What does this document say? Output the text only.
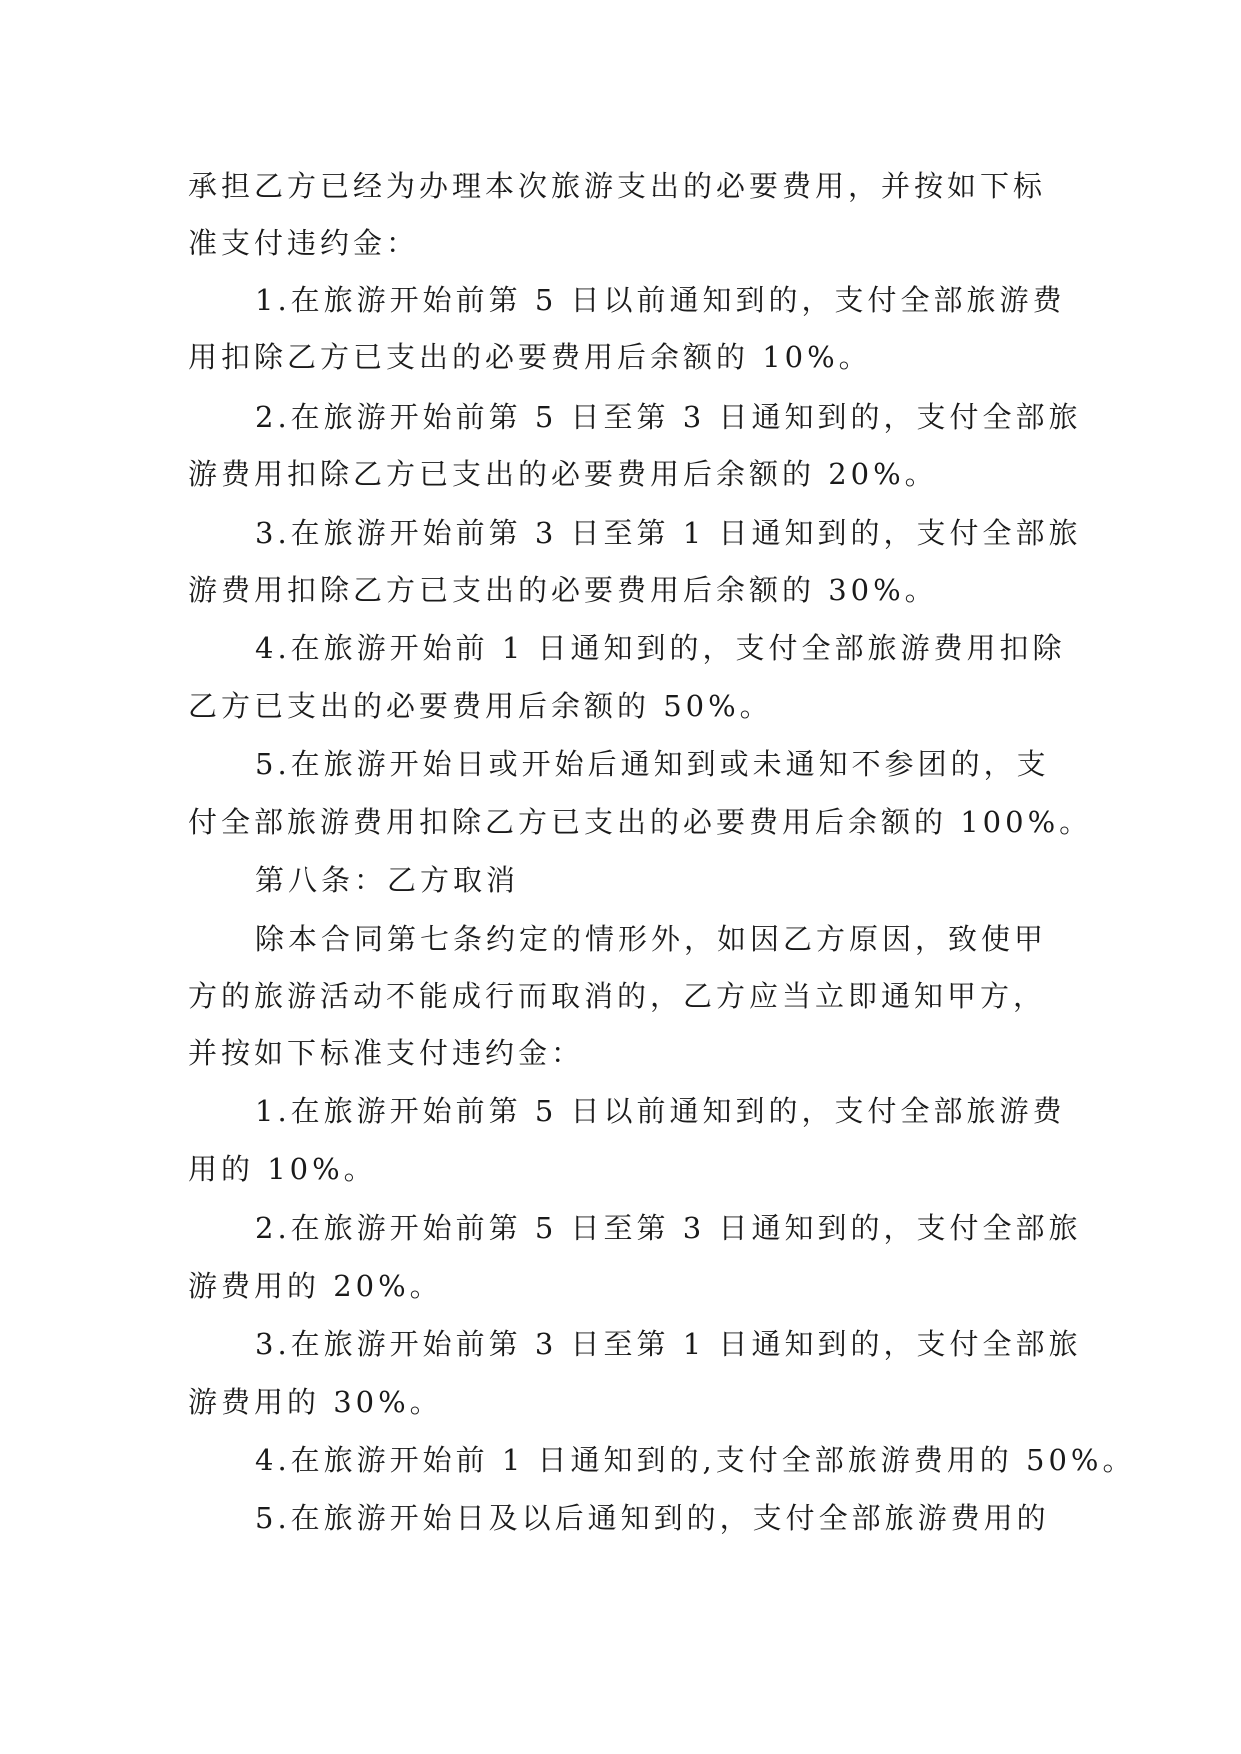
承担乙方已经为办理本次旅游支出的必要费用，并按如下标
准支付违约金：
1.在旅游开始前第 5 日以前通知到的，支付全部旅游费
用扣除乙方已支出的必要费用后余额的 10%。
2.在旅游开始前第 5 日至第 3 日通知到的，支付全部旅
游费用扣除乙方已支出的必要费用后余额的 20%。
3.在旅游开始前第 3 日至第 1 日通知到的，支付全部旅
游费用扣除乙方已支出的必要费用后余额的 30%。
4.在旅游开始前 1 日通知到的，支付全部旅游费用扣除
乙方已支出的必要费用后余额的 50%。
5.在旅游开始日或开始后通知到或未通知不参团的，支
付全部旅游费用扣除乙方已支出的必要费用后余额的 100%。
第八条：乙方取消
除本合同第七条约定的情形外，如因乙方原因，致使甲
方的旅游活动不能成行而取消的，乙方应当立即通知甲方，
并按如下标准支付违约金：
1.在旅游开始前第 5 日以前通知到的，支付全部旅游费
用的 10%。
2.在旅游开始前第 5 日至第 3 日通知到的，支付全部旅
游费用的 20%。
3.在旅游开始前第 3 日至第 1 日通知到的，支付全部旅
游费用的 30%。
4.在旅游开始前 1 日通知到的,支付全部旅游费用的 50%。
5.在旅游开始日及以后通知到的，支付全部旅游费用的
